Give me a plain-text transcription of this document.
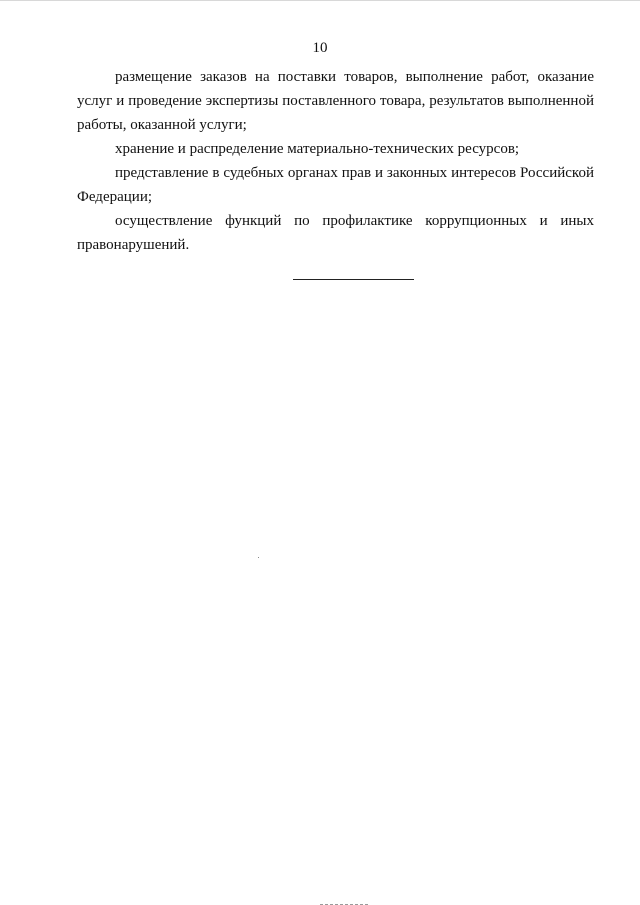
10

размещение заказов на поставки товаров, выполнение работ, оказание услуг и проведение экспертизы поставленного товара, результатов выполненной работы, оказанной услуги;

хранение и распределение материально-технических ресурсов;

представление в судебных органах прав и законных интересов Российской Федерации;

осуществление функций по профилактике коррупционных и иных правонарушений.
